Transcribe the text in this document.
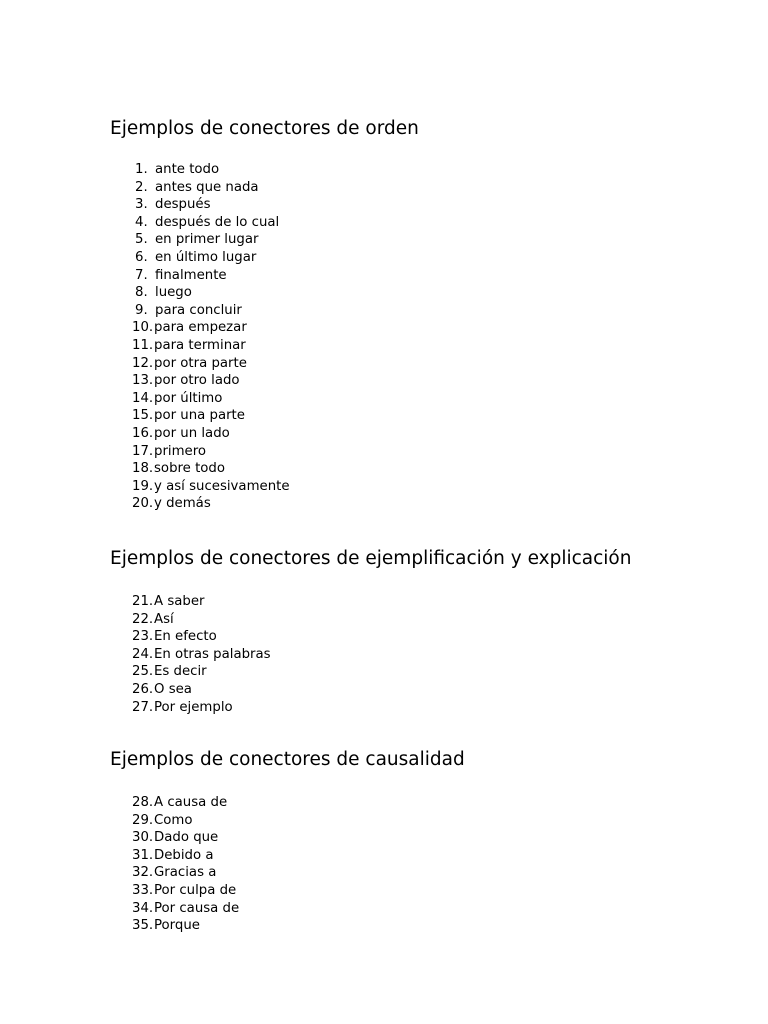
Ejemplos de conectores de orden
1. ante todo
2. antes que nada
3. después
4. después de lo cual
5. en primer lugar
6. en último lugar
7. finalmente
8. luego
9. para concluir
10.para empezar
11.para terminar
12.por otra parte
13.por otro lado
14.por último
15.por una parte
16.por un lado
17.primero
18.sobre todo
19.y así sucesivamente
20.y demás
Ejemplos de conectores de ejemplificación y explicación
21.A saber
22.Así
23.En efecto
24.En otras palabras
25.Es decir
26.O sea
27.Por ejemplo
Ejemplos de conectores de causalidad
28.A causa de
29.Como
30.Dado que
31.Debido a
32.Gracias a
33.Por culpa de
34.Por causa de
35.Porque
